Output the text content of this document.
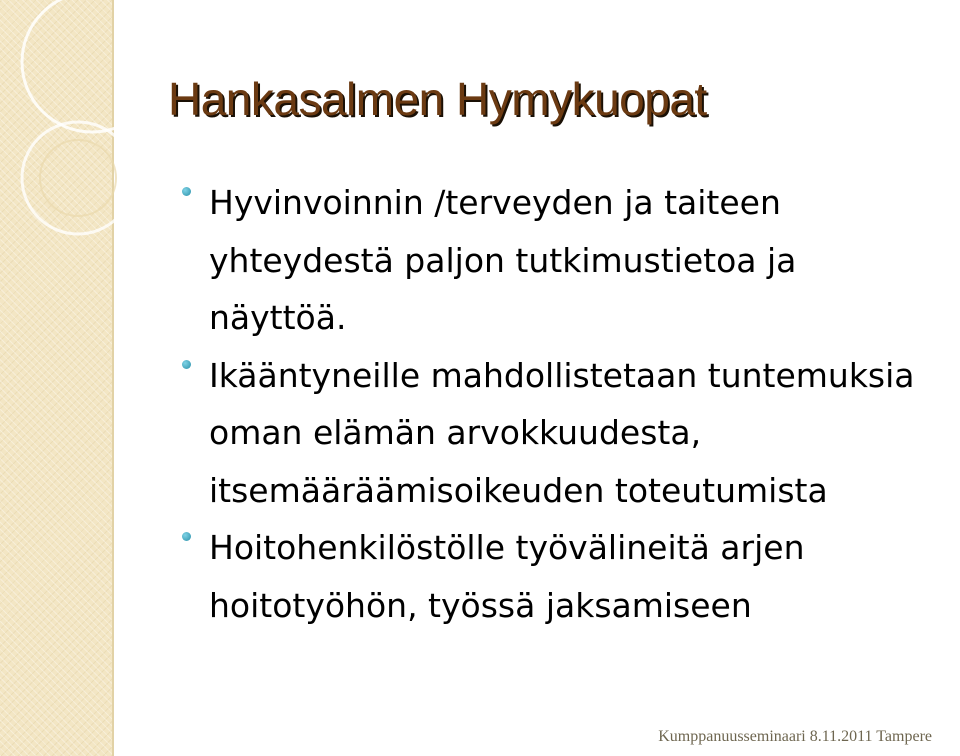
Hankasalmen Hymykuopat
Hyvinvoinnin /terveyden ja taiteen
yhteydestä paljon tutkimustietoa ja
näyttöä.
Ikääntyneille mahdollistetaan tuntemuksia
oman elämän arvokkuudesta,
itsemääräämisoikeuden toteutumista
Hoitohenkilöstölle työvälineitä arjen
hoitotyöhön, työssä jaksamiseen
Kumppanuusseminaari 8.11.2011 Tampere
